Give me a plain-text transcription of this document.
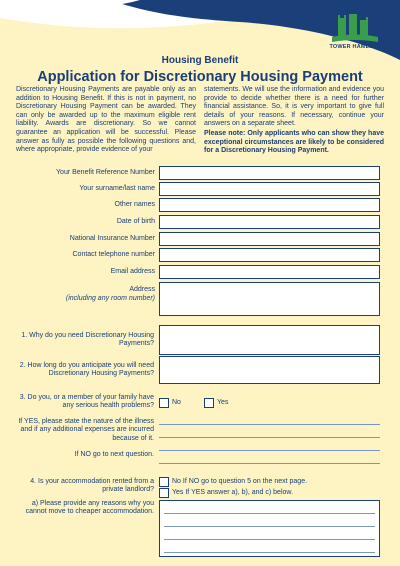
TOWER HAMLETS
Housing Benefit
Application for Discretionary Housing Payment

Discretionary Housing Payments are payable only as an addition to Housing Benefit. If this is not in payment, no Discretionary Housing Payment can be awarded. They can only be awarded up to the maximum eligible rent liability. Awards are discretionary. So we cannot guarantee an application will be successful. Please answer as fully as possible the following questions and, where appropriate, provide evidence of your

statements. We will use the information and evidence you provide to decide whether there is a need for further financial assistance. So, it is very important to give full details of your reasons. If necessary, continue your answers on a separate sheet.

Please note: Only applicants who can show they have exceptional circumstances are likely to be considered for a Discretionary Housing Payment.

Your Benefit Reference Number
Your surname/last name
Other names
Date of birth
National Insurance Number
Contact telephone number
Email address
Address
(including any room number)
1. Why do you need Discretionary Housing Payments?
2. How long do you anticipate you will need Discretionary Housing Payments?
3. Do you, or a member of your family have any serious health problems?	No	Yes
If YES, please state the nature of the illness and if any additional expenses are incurred because of it.
If NO go to next question.
4. Is your accommodation rented from a private landlord?
No If NO go to question 5 on the next page.
Yes If YES answer a), b), and c) below.
a) Please provide any reasons why you cannot move to cheaper accommodation.
